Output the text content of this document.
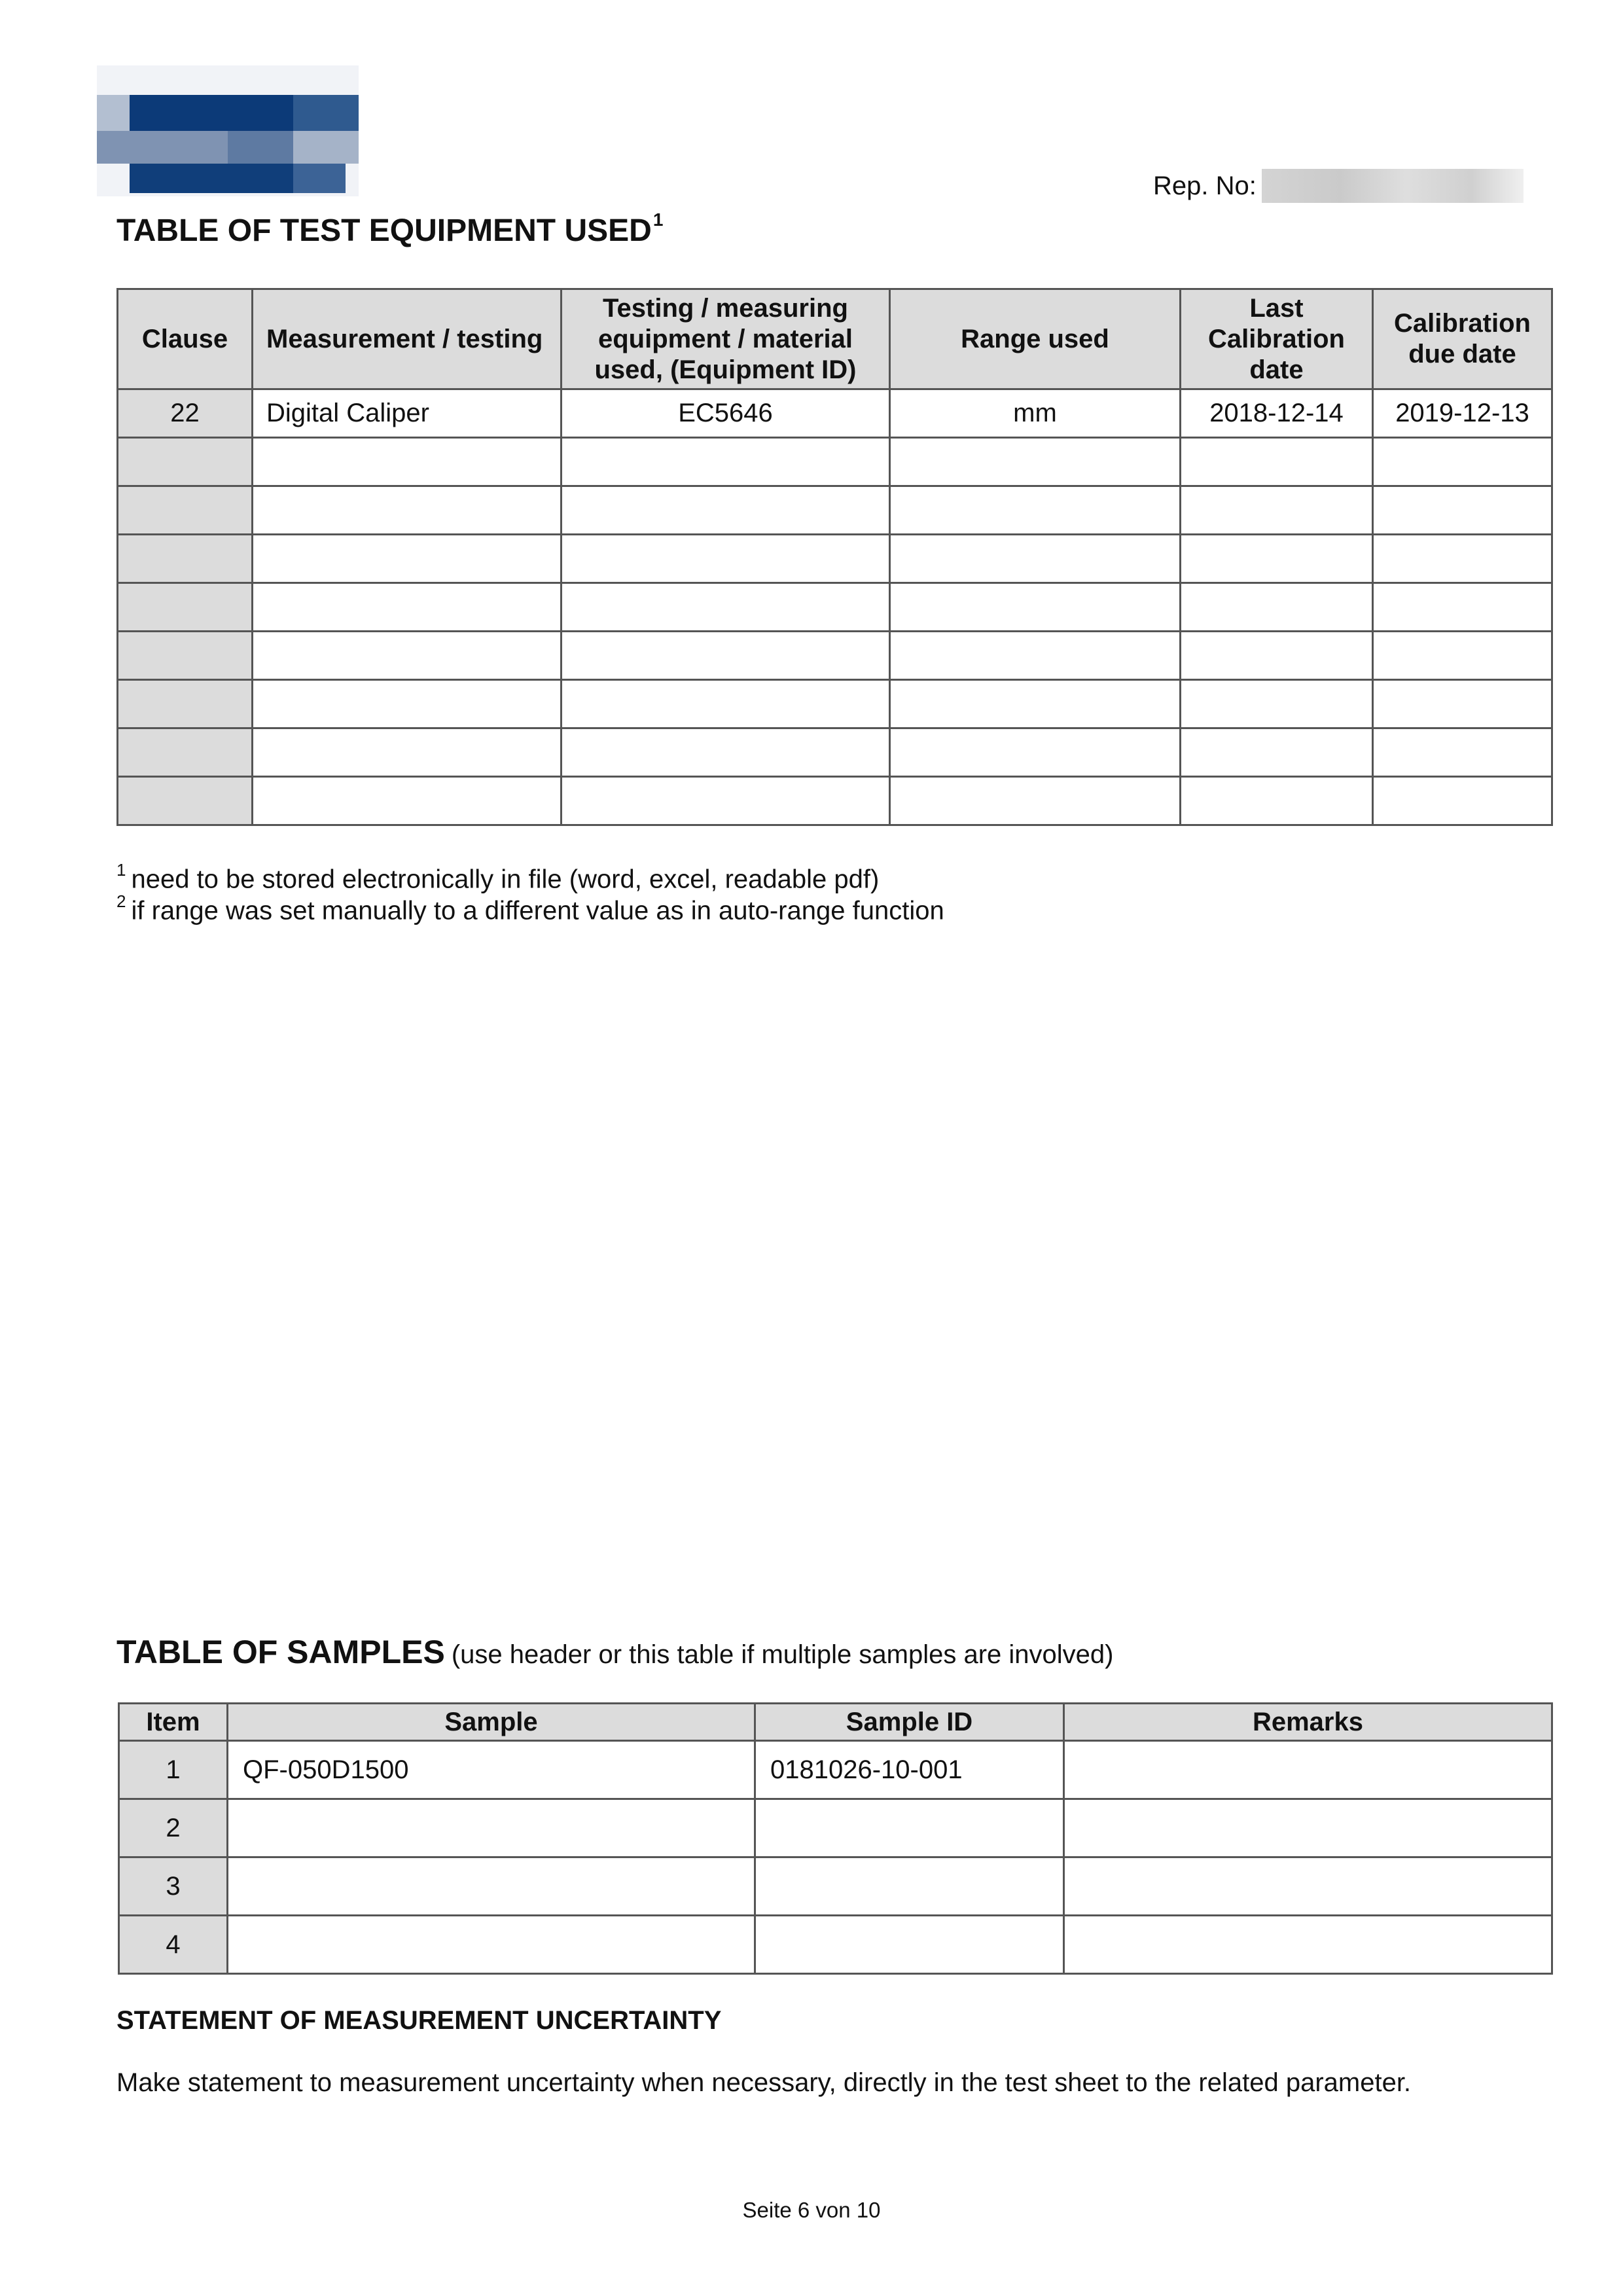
Rep. No:
TABLE OF TEST EQUIPMENT USED$^1$
Clause	Measurement / testing	Testing / measuring equipment / material used, (Equipment ID)	Range used	Last Calibration date	Calibration due date
22	Digital Caliper	EC5646	mm	2018-12-14	2019-12-13

$^1$ need to be stored electronically in file (word, excel, readable pdf)
$^2$ if range was set manually to a different value as in auto-range function
TABLE OF SAMPLES (use header or this table if multiple samples are involved)
Item	Sample	Sample ID	Remarks
1	QF-050D1500	0181026-10-001	
2			
3			
4			
STATEMENT OF MEASUREMENT UNCERTAINTY
Make statement to measurement uncertainty when necessary, directly in the test sheet to the related parameter.
Seite 6 von 10
